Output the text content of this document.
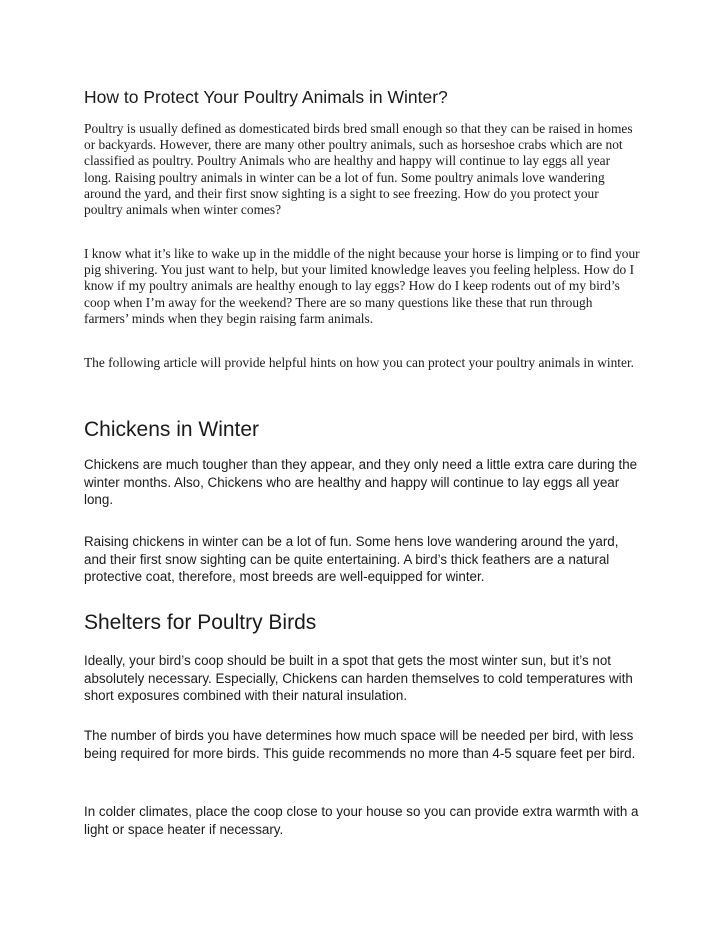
How to Protect Your Poultry Animals in Winter?

Poultry is usually defined as domesticated birds bred small enough so that they can be raised in homes or backyards. However, there are many other poultry animals, such as horseshoe crabs which are not classified as poultry. Poultry Animals who are healthy and happy will continue to lay eggs all year long. Raising poultry animals in winter can be a lot of fun. Some poultry animals love wandering around the yard, and their first snow sighting is a sight to see freezing. How do you protect your poultry animals when winter comes?

I know what it’s like to wake up in the middle of the night because your horse is limping or to find your pig shivering. You just want to help, but your limited knowledge leaves you feeling helpless. How do I know if my poultry animals are healthy enough to lay eggs? How do I keep rodents out of my bird’s coop when I’m away for the weekend? There are so many questions like these that run through farmers’ minds when they begin raising farm animals.

The following article will provide helpful hints on how you can protect your poultry animals in winter.

Chickens in Winter

Chickens are much tougher than they appear, and they only need a little extra care during the winter months. Also, Chickens who are healthy and happy will continue to lay eggs all year long.

Raising chickens in winter can be a lot of fun. Some hens love wandering around the yard, and their first snow sighting can be quite entertaining. A bird’s thick feathers are a natural protective coat, therefore, most breeds are well-equipped for winter.

Shelters for Poultry Birds

Ideally, your bird’s coop should be built in a spot that gets the most winter sun, but it’s not absolutely necessary. Especially, Chickens can harden themselves to cold temperatures with short exposures combined with their natural insulation.

The number of birds you have determines how much space will be needed per bird, with less being required for more birds. This guide recommends no more than 4-5 square feet per bird.

In colder climates, place the coop close to your house so you can provide extra warmth with a light or space heater if necessary.
